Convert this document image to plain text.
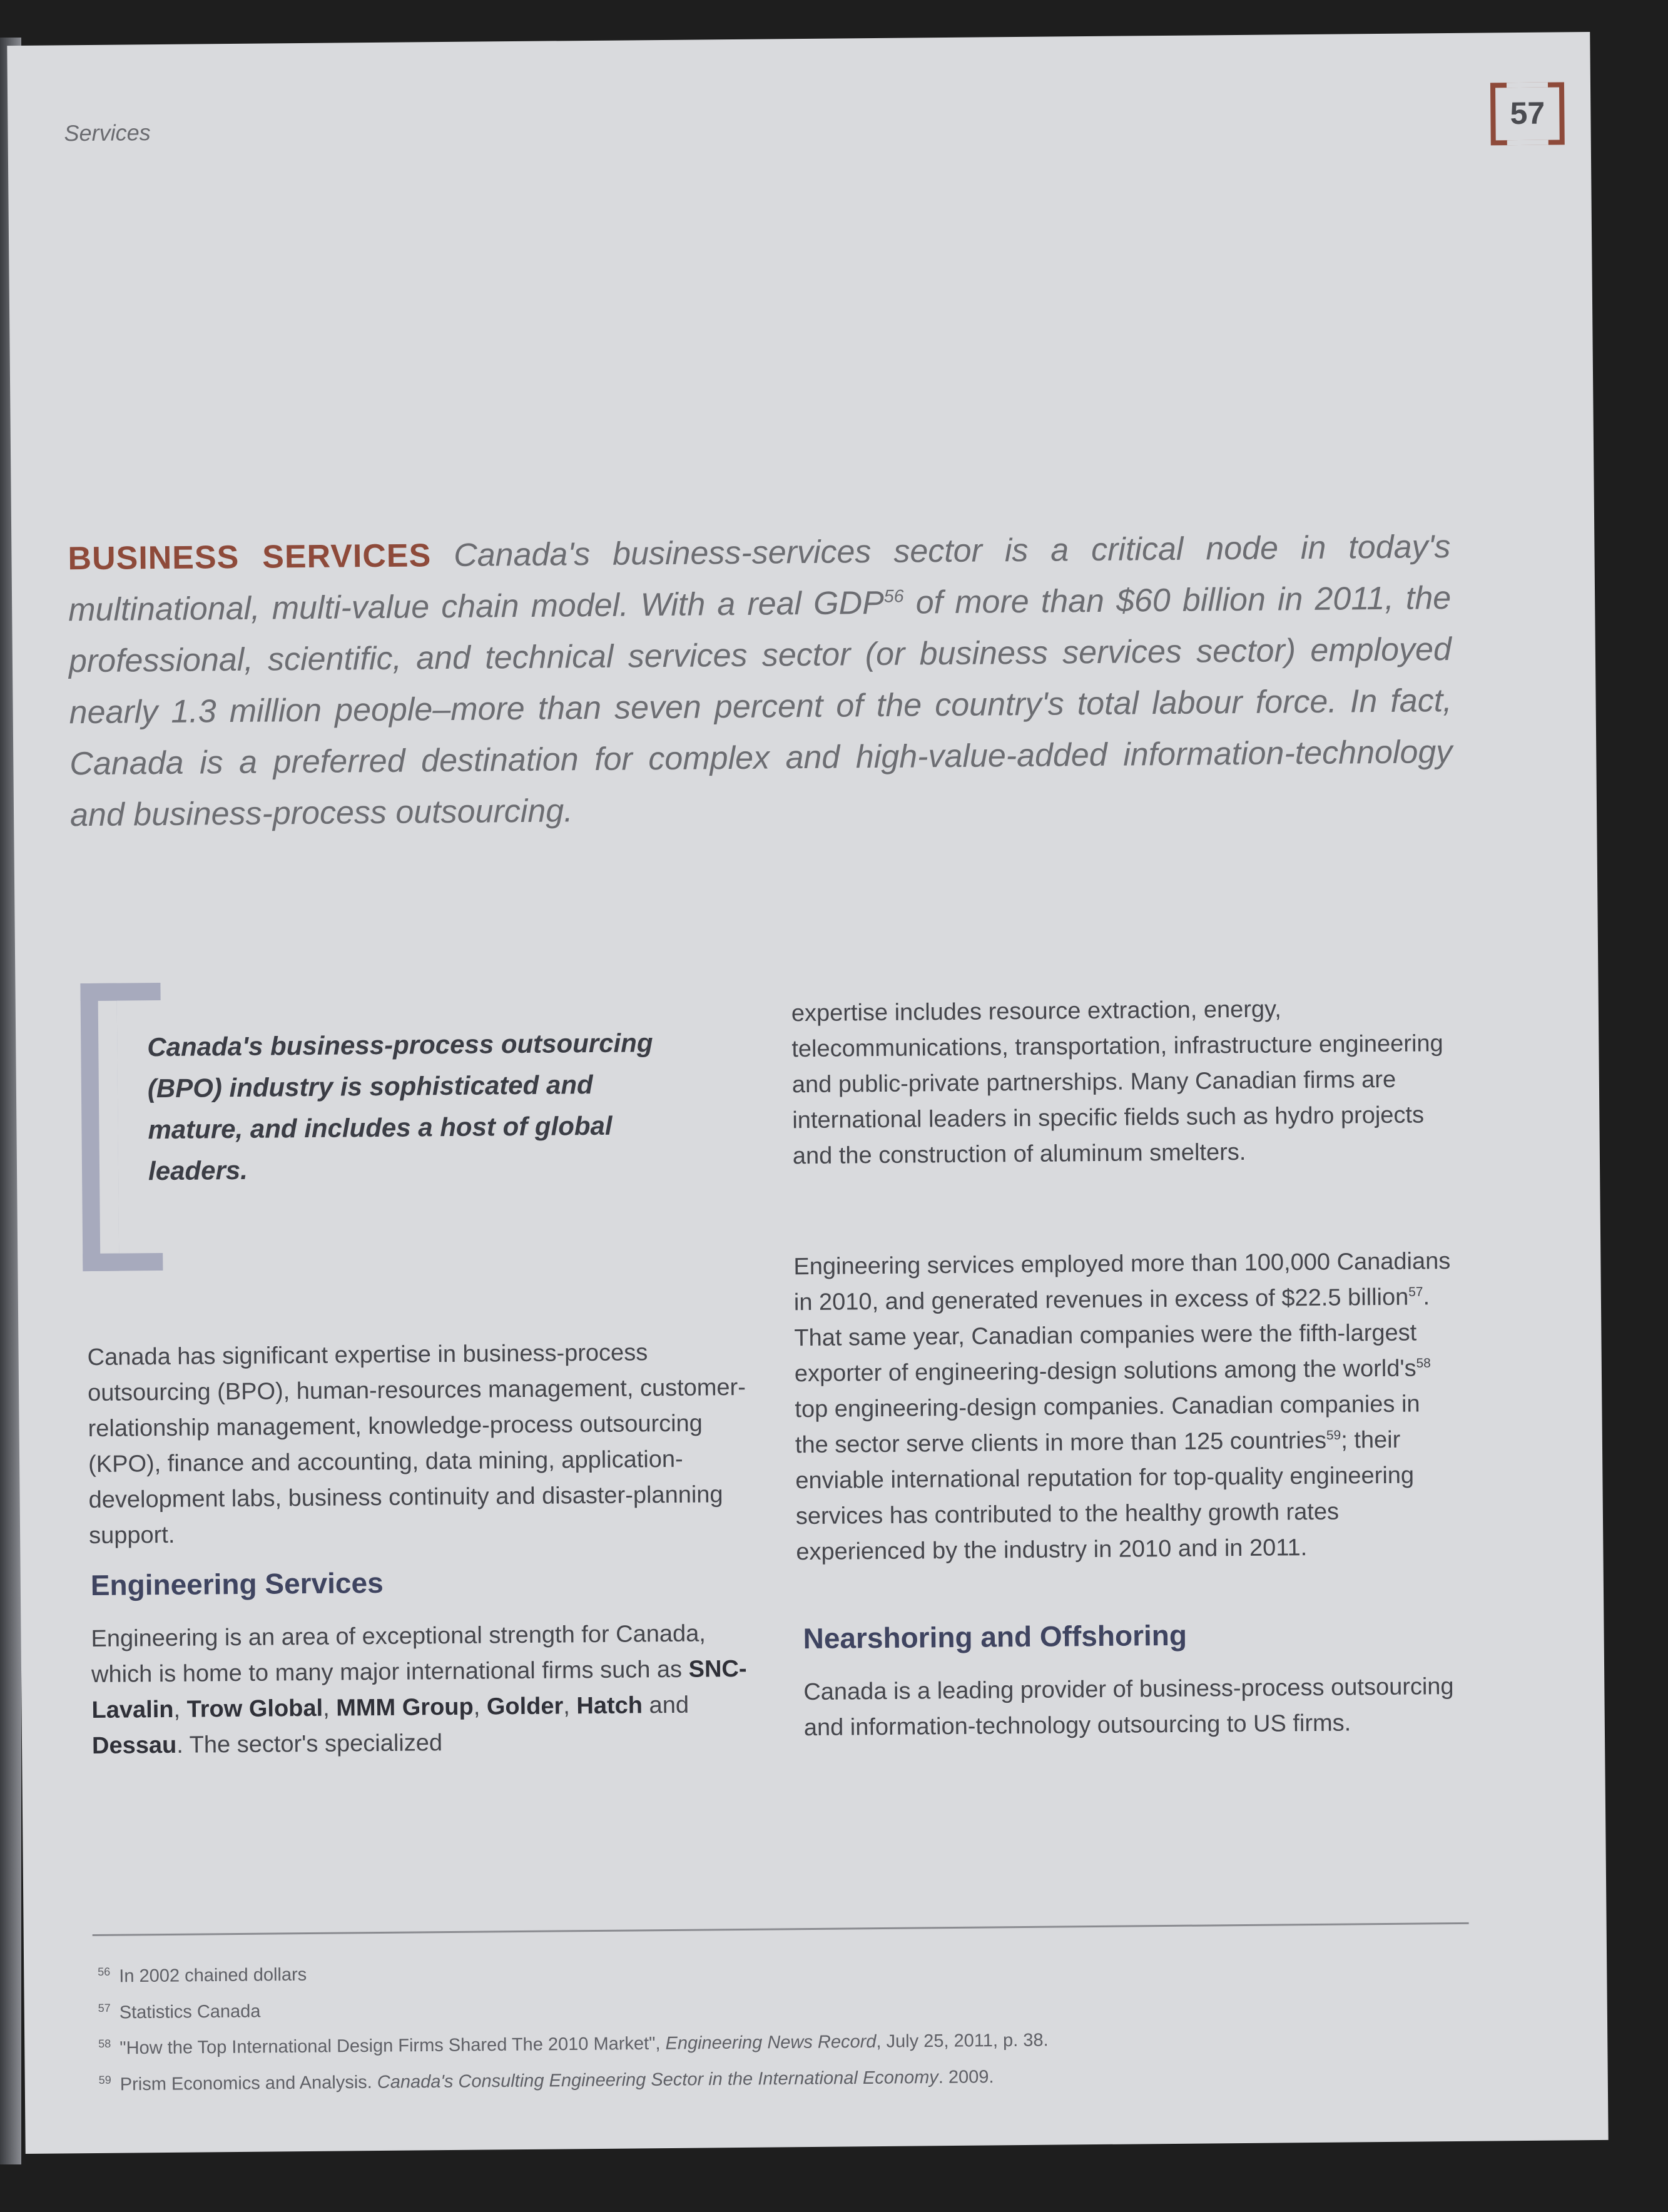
Services
57
BUSINESS SERVICES Canada's business-services sector is a critical node in today's multinational, multi-value chain model. With a real GDP$^{56}$ of more than $60 billion in 2011, the professional, scientific, and technical services sector (or business services sector) employed nearly 1.3 million people–more than seven percent of the country's total labour force. In fact, Canada is a preferred destination for complex and high-value-added information-technology and business-process outsourcing.
Canada's business-process outsourcing (BPO) industry is sophisticated and mature, and includes a host of global leaders.

Canada has significant expertise in business-process outsourcing (BPO), human-resources management, customer-relationship management, knowledge-process outsourcing (KPO), finance and accounting, data mining, application-development labs, business continuity and disaster-planning support.

Engineering Services

Engineering is an area of exceptional strength for Canada, which is home to many major international firms such as SNC-Lavalin, Trow Global, MMM Group, Golder, Hatch and Dessau. The sector's specialized

expertise includes resource extraction, energy, telecommunications, transportation, infrastructure engineering and public-private partnerships. Many Canadian firms are international leaders in specific fields such as hydro projects and the construction of aluminum smelters.

Engineering services employed more than 100,000 Canadians in 2010, and generated revenues in excess of $22.5 billion$^{57}$. That same year, Canadian companies were the fifth-largest exporter of engineering-design solutions among the $world's^{58}$ top engineering-design companies. Canadian companies in the sector serve clients in more than 125 countries$^{59}$; their enviable international reputation for top-quality engineering services has contributed to the healthy growth rates experienced by the industry in 2010 and in 2011.

Nearshoring and Offshoring

Canada is a leading provider of business-process outsourcing and information-technology outsourcing to US firms.

$^{56}$ In 2002 chained dollars
$^{57}$ Statistics Canada
$^{58}$ "How the Top International Design Firms Shared The 2010 Market", Engineering News Record, July 25, 2011, p. 38.
$^{59}$ Prism Economics and Analysis. Canada's Consulting Engineering Sector in the International Economy. 2009.
